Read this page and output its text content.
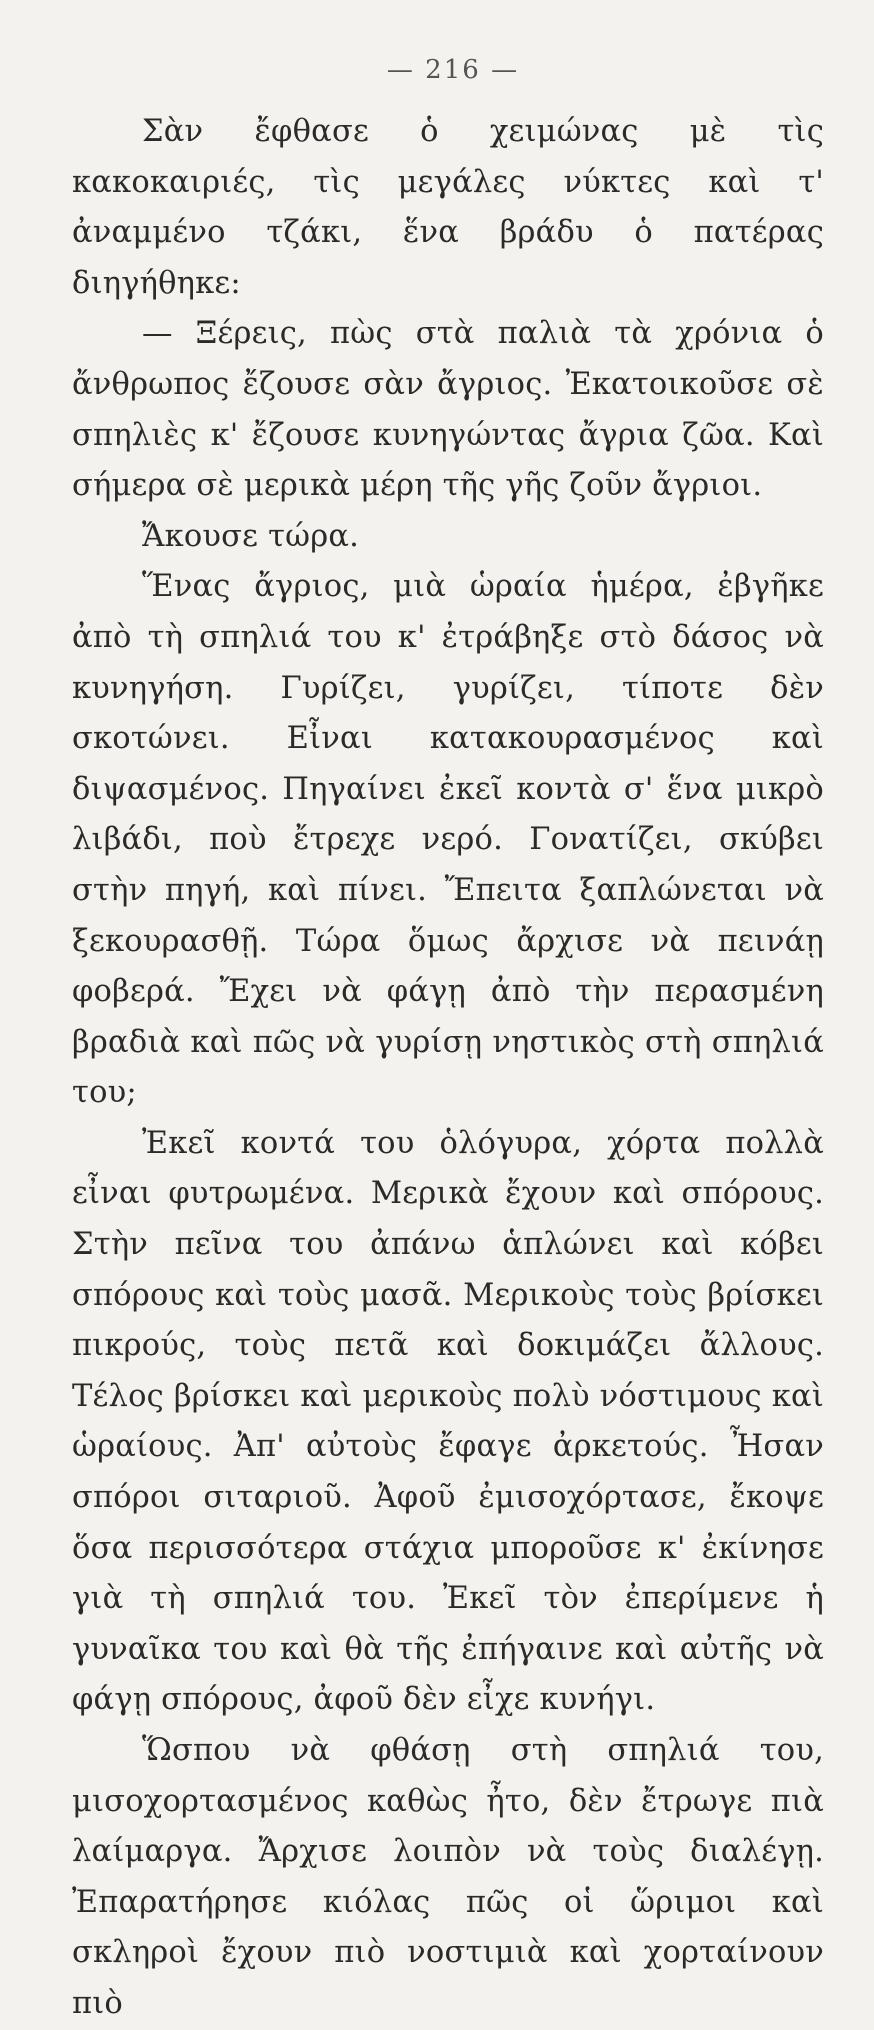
— 216 —

Σὰν ἔφθασε ὁ χειμώνας μὲ τὶς κακοκαιριές, τὶς μεγάλες νύκτες καὶ τ' ἀναμμένο τζάκι, ἕνα βράδυ ὁ πατέρας διηγήθηκε:

— Ξέρεις, πὼς στὰ παλιὰ τὰ χρόνια ὁ ἄνθρωπος ἔζουσε σὰν ἄγριος. Ἐκατοικοῦσε σὲ σπηλιὲς κ' ἔζουσε κυνηγώντας ἄγρια ζῶα. Καὶ σήμερα σὲ μερικὰ μέρη τῆς γῆς ζοῦν ἄγριοι.

Ἄκουσε τώρα.

Ἕνας ἄγριος, μιὰ ὡραία ἡμέρα, ἐβγῆκε ἀπὸ τὴ σπηλιά του κ' ἐτράβηξε στὸ δάσος νὰ κυνηγήση. Γυρίζει, γυρίζει, τίποτε δὲν σκοτώνει. Εἶναι κατακουρασμένος καὶ διψασμένος. Πηγαίνει ἐκεῖ κοντὰ σ' ἕνα μικρὸ λιβάδι, ποὺ ἔτρεχε νερό. Γονατίζει, σκύβει στὴν πηγή, καὶ πίνει. Ἔπειτα ξαπλώνεται νὰ ξεκουρασθῇ. Τώρα ὅμως ἄρχισε νὰ πεινάῃ φοβερά. Ἔχει νὰ φάγῃ ἀπὸ τὴν περασμένη βραδιὰ καὶ πῶς νὰ γυρίσῃ νηστικὸς στὴ σπηλιά του;

Ἐκεῖ κοντά του ὁλόγυρα, χόρτα πολλὰ εἶναι φυτρωμένα. Μερικὰ ἔχουν καὶ σπόρους. Στὴν πεῖνα του ἀπάνω ἁπλώνει καὶ κόβει σπόρους καὶ τοὺς μασᾶ. Μερικοὺς τοὺς βρίσκει πικρούς, τοὺς πετᾶ καὶ δοκιμάζει ἄλλους. Τέλος βρίσκει καὶ μερικοὺς πολὺ νόστιμους καὶ ὡραίους. Ἀπ' αὐτοὺς ἔφαγε ἀρκετούς. Ἦσαν σπόροι σιταριοῦ. Ἀφοῦ ἐμισοχόρτασε, ἔκοψε ὅσα περισσότερα στάχια μποροῦσε κ' ἐκίνησε γιὰ τὴ σπηλιά του. Ἐκεῖ τὸν ἐπερίμενε ἡ γυναῖκα του καὶ θὰ τῆς ἐπήγαινε καὶ αὐτῆς νὰ φάγῃ σπόρους, ἀφοῦ δὲν εἶχε κυνήγι.

Ὥσπου νὰ φθάσῃ στὴ σπηλιά του, μισοχορτασμένος καθὼς ἦτο, δὲν ἔτρωγε πιὰ λαίμαργα. Ἄρχισε λοιπὸν νὰ τοὺς διαλέγῃ. Ἐπαρατήρησε κιόλας πῶς οἱ ὥριμοι καὶ σκληροὶ ἔχουν πιὸ νοστιμιὰ καὶ χορταίνουν πιὸ
